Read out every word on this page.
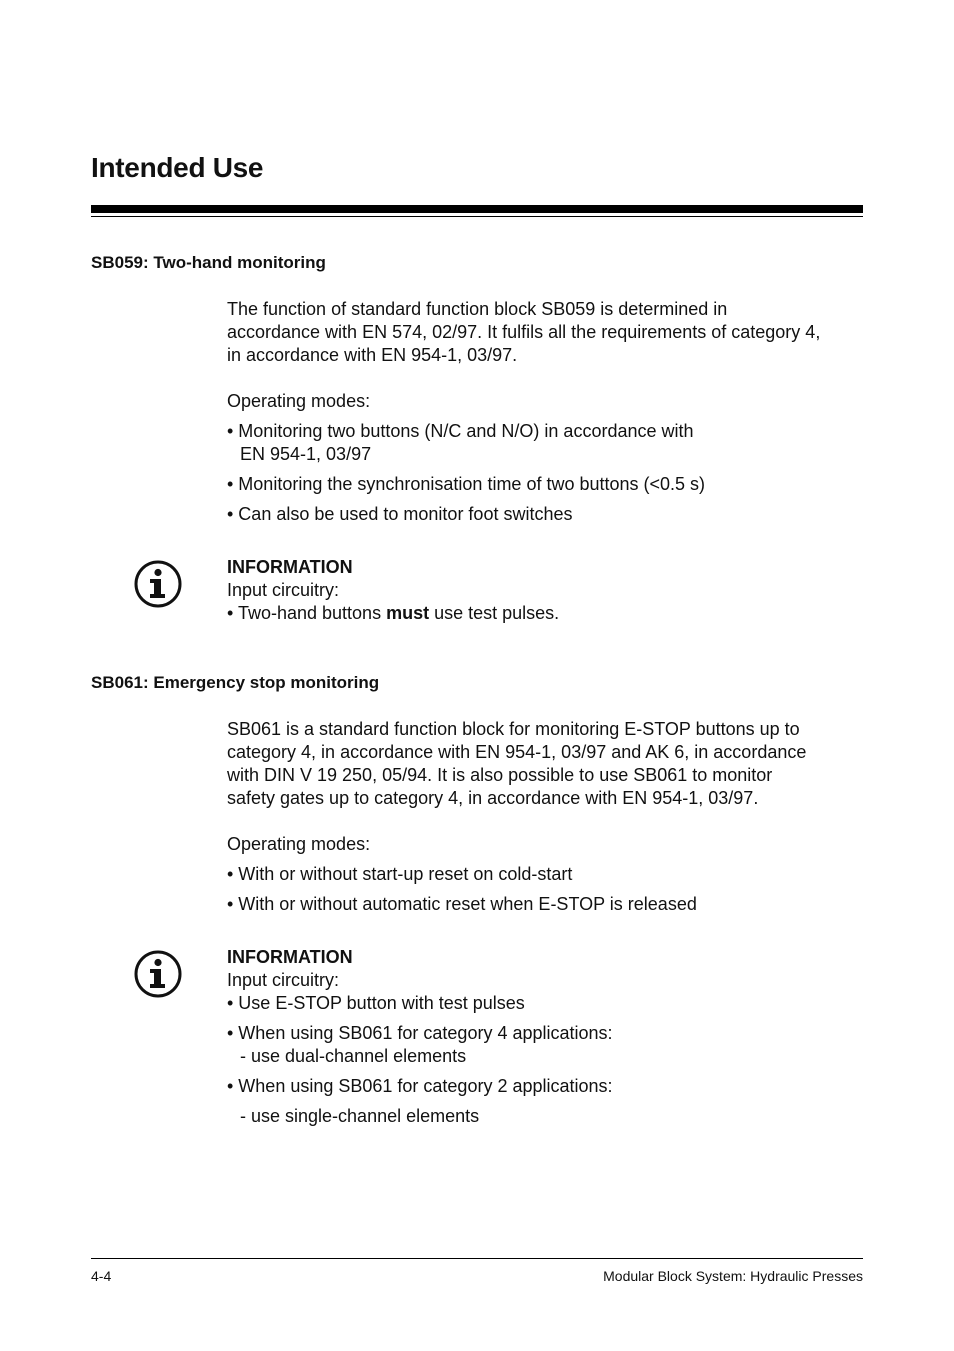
Intended Use
SB059: Two-hand monitoring

The function of standard function block SB059 is determined in

accordance with EN 574, 02/97. It fulfils all the requirements of category 4,

in accordance with EN 954-1, 03/97.

Operating modes:

• Monitoring two buttons (N/C and N/O) in accordance with

EN 954-1, 03/97

• Monitoring the synchronisation time of two buttons (<0.5 s)

• Can also be used to monitor foot switches

INFORMATION

Input circuitry:

• Two-hand buttons must use test pulses.

SB061: Emergency stop monitoring

SB061 is a standard function block for monitoring E-STOP buttons up to

category 4, in accordance with EN 954-1, 03/97 and AK 6, in accordance

with DIN V 19 250, 05/94. It is also possible to use SB061 to monitor

safety gates up to category 4, in accordance with EN 954-1, 03/97.

Operating modes:

• With or without start-up reset on cold-start

• With or without automatic reset when E-STOP is released

INFORMATION

Input circuitry:

• Use E-STOP button with test pulses

• When using SB061 for category 4 applications:

- use dual-channel elements

• When using SB061 for category 2 applications:

- use single-channel elements

4-4	Modular Block System: Hydraulic Presses
